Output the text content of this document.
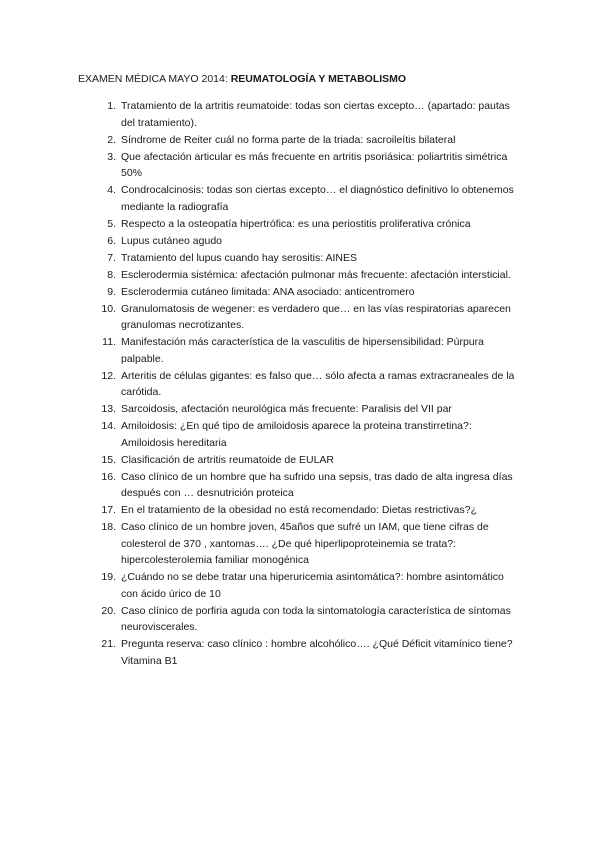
EXAMEN MÉDICA MAYO 2014: REUMATOLOGÍA Y METABOLISMO
1. Tratamiento de la artritis reumatoide: todas son ciertas excepto… (apartado: pautas del tratamiento).
2. Síndrome de Reiter cuál no forma parte de la triada: sacroileítis bilateral
3. Que afectación articular es más frecuente en artritis psoriásica: poliartritis simétrica 50%
4. Condrocalcinosis: todas son ciertas excepto… el diagnóstico definitivo lo obtenemos mediante la radiografía
5. Respecto a la osteopatía hipertrófica: es una periostitis proliferativa crónica
6. Lupus cutáneo agudo
7. Tratamiento del lupus cuando hay serositis: AINES
8. Esclerodermia sistémica: afectación pulmonar más frecuente: afectación intersticial.
9. Esclerodermia cutáneo limitada: ANA asociado: anticentromero
10. Granulomatosis de wegener: es verdadero que… en las vías respiratorias aparecen granulomas necrotizantes.
11. Manifestación más característica de la vasculitis de hipersensibilidad: Púrpura palpable.
12. Arteritis de células gigantes: es falso que… sólo afecta a ramas extracraneales de la carótida.
13. Sarcoidosis, afectación neurológica más frecuente: Paralisis del VII par
14. Amiloidosis: ¿En qué tipo de amiloidosis aparece la proteina transtirretina?: Amiloidosis hereditaria
15. Clasificación de artritis reumatoide de EULAR
16. Caso clínico de un hombre que ha sufrido una sepsis, tras dado de alta ingresa días después con … desnutrición proteica
17. En el tratamiento de la obesidad no está recomendado: Dietas restrictivas?¿
18. Caso clínico de un hombre joven, 45años que sufré un IAM, que tiene cifras de colesterol de 370 , xantomas…. ¿De qué hiperlipoproteinemia se trata?: hipercolesterolemia familiar monogénica
19. ¿Cuándo no se debe tratar una hiperuricemia asintomática?: hombre asintomático con ácido úrico de 10
20. Caso clínico de porfiria aguda con toda la sintomatología característica de síntomas neuroviscerales.
21. Pregunta reserva: caso clínico : hombre alcohólico…. ¿Qué Déficit vitamínico tiene? Vitamina B1
